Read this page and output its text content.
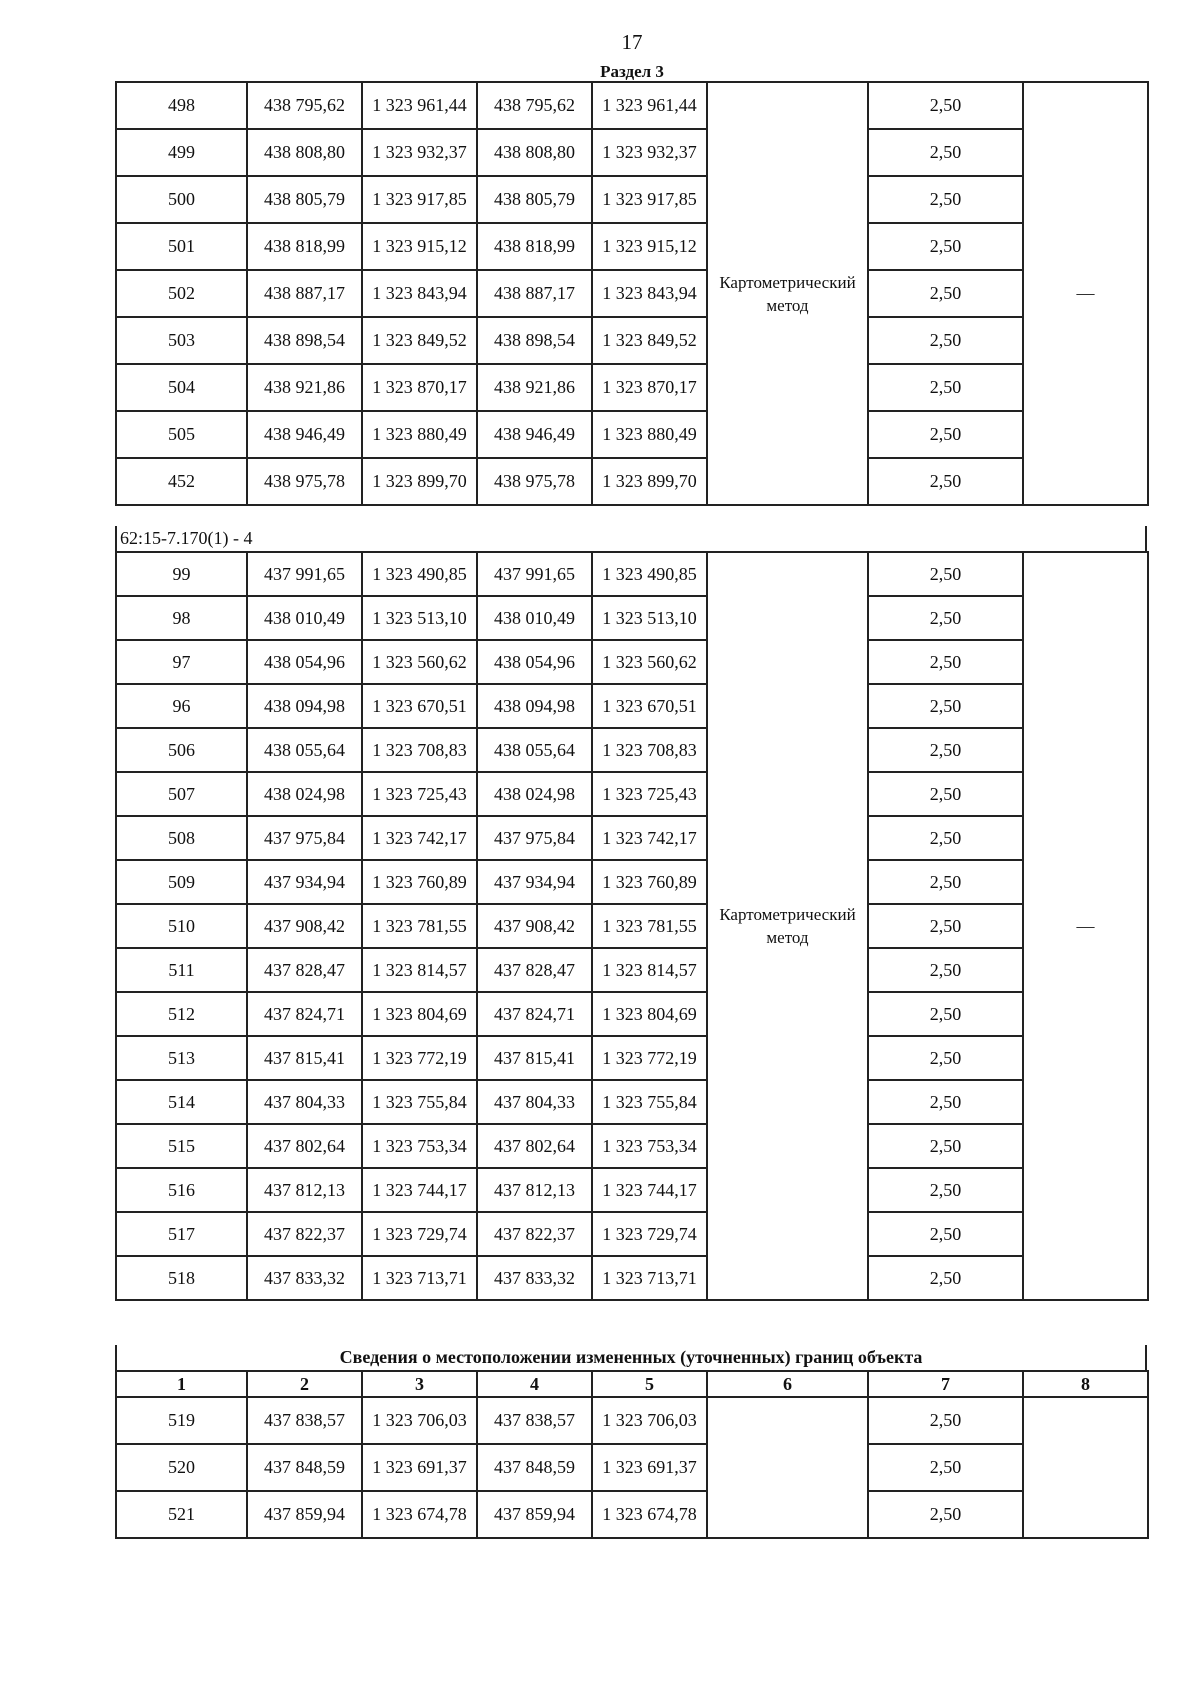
17
Раздел 3
498	438 795,62	1 323 961,44	438 795,62	1 323 961,44	Картометрический метод	2,50	—
499	438 808,80	1 323 932,37	438 808,80	1 323 932,37		2,50	
500	438 805,79	1 323 917,85	438 805,79	1 323 917,85		2,50	
501	438 818,99	1 323 915,12	438 818,99	1 323 915,12		2,50	
502	438 887,17	1 323 843,94	438 887,17	1 323 843,94		2,50	
503	438 898,54	1 323 849,52	438 898,54	1 323 849,52		2,50	
504	438 921,86	1 323 870,17	438 921,86	1 323 870,17		2,50	
505	438 946,49	1 323 880,49	438 946,49	1 323 880,49		2,50	
452	438 975,78	1 323 899,70	438 975,78	1 323 899,70		2,50	
62:15-7.170(1) - 4
99	437 991,65	1 323 490,85	437 991,65	1 323 490,85	Картометрический метод	2,50	—
98	438 010,49	1 323 513,10	438 010,49	1 323 513,10		2,50	
97	438 054,96	1 323 560,62	438 054,96	1 323 560,62		2,50	
96	438 094,98	1 323 670,51	438 094,98	1 323 670,51		2,50	
506	438 055,64	1 323 708,83	438 055,64	1 323 708,83		2,50	
507	438 024,98	1 323 725,43	438 024,98	1 323 725,43		2,50	
508	437 975,84	1 323 742,17	437 975,84	1 323 742,17		2,50	
509	437 934,94	1 323 760,89	437 934,94	1 323 760,89		2,50	
510	437 908,42	1 323 781,55	437 908,42	1 323 781,55		2,50	
511	437 828,47	1 323 814,57	437 828,47	1 323 814,57		2,50	
512	437 824,71	1 323 804,69	437 824,71	1 323 804,69		2,50	
513	437 815,41	1 323 772,19	437 815,41	1 323 772,19		2,50	
514	437 804,33	1 323 755,84	437 804,33	1 323 755,84		2,50	
515	437 802,64	1 323 753,34	437 802,64	1 323 753,34		2,50	
516	437 812,13	1 323 744,17	437 812,13	1 323 744,17		2,50	
517	437 822,37	1 323 729,74	437 822,37	1 323 729,74		2,50	
518	437 833,32	1 323 713,71	437 833,32	1 323 713,71		2,50	
Сведения о местоположении измененных (уточненных) границ объекта
1	2	3	4	5	6	7	8
519	437 838,57	1 323 706,03	437 838,57	1 323 706,03		2,50	
520	437 848,59	1 323 691,37	437 848,59	1 323 691,37		2,50	
521	437 859,94	1 323 674,78	437 859,94	1 323 674,78		2,50	
